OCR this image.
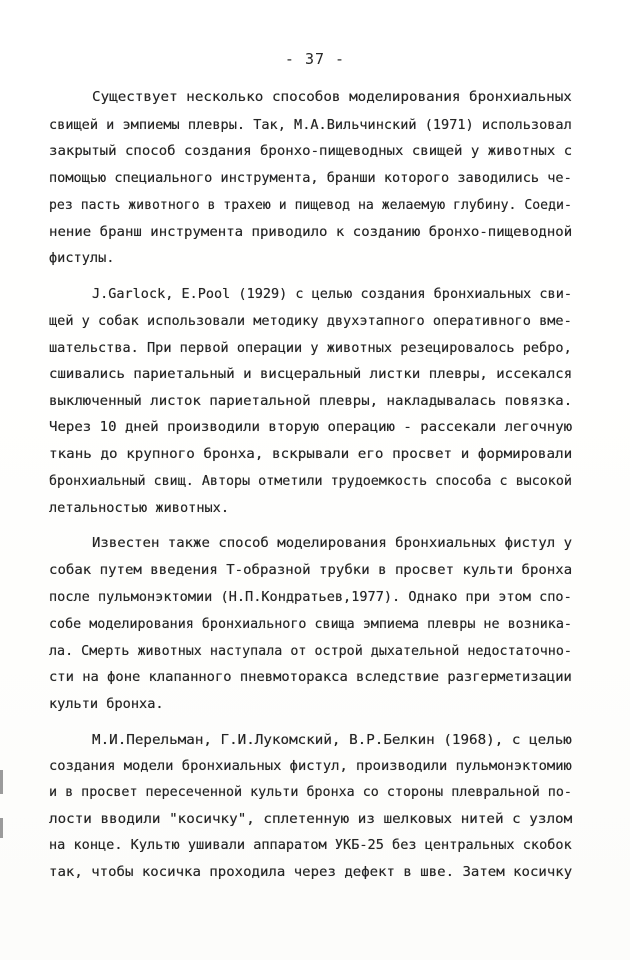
- 37 -
Существует несколько способов моделирования бронхиальных
свищей и эмпиемы плевры. Так, М.А.Вильчинский (1971) использовал
закрытый способ создания бронхо-пищеводных свищей у животных с
помощью специального инструмента, бранши которого заводились че-
рез пасть животного в трахею и пищевод на желаемую глубину. Соеди-
нение бранш инструмента приводило к созданию бронхо-пищеводной
фистулы.
J.Garlock, E.Pool (1929) с целью создания бронхиальных сви-
щей у собак использовали методику двухэтапного оперативного вме-
шательства. При первой операции у животных резецировалось ребро,
сшивались париетальный и висцеральный листки плевры, иссекался
выключенный листок париетальной плевры, накладывалась повязка.
Через 10 дней производили вторую операцию - рассекали легочную
ткань до крупного бронха, вскрывали его просвет и формировали
бронхиальный свищ. Авторы отметили трудоемкость способа с высокой
летальностью животных.
Известен также способ моделирования бронхиальных фистул у
собак путем введения Т-образной трубки в просвет культи бронха
после пульмонэктомии (Н.П.Кондратьев,1977). Однако при этом спо-
собе моделирования бронхиального свища эмпиема плевры не возника-
ла. Смерть животных наступала от острой дыхательной недостаточно-
сти на фоне клапанного пневмоторакса вследствие разгерметизации
культи бронха.
М.И.Перельман, Г.И.Лукомский, В.Р.Белкин (1968), с целью
создания модели бронхиальных фистул, производили пульмонэктомию
и в просвет пересеченной культи бронха со стороны плевральной по-
лости вводили "косичку", сплетенную из шелковых нитей с узлом
на конце. Культю ушивали аппаратом УКБ-25 без центральных скобок
так, чтобы косичка проходила через дефект в шве. Затем косичку
